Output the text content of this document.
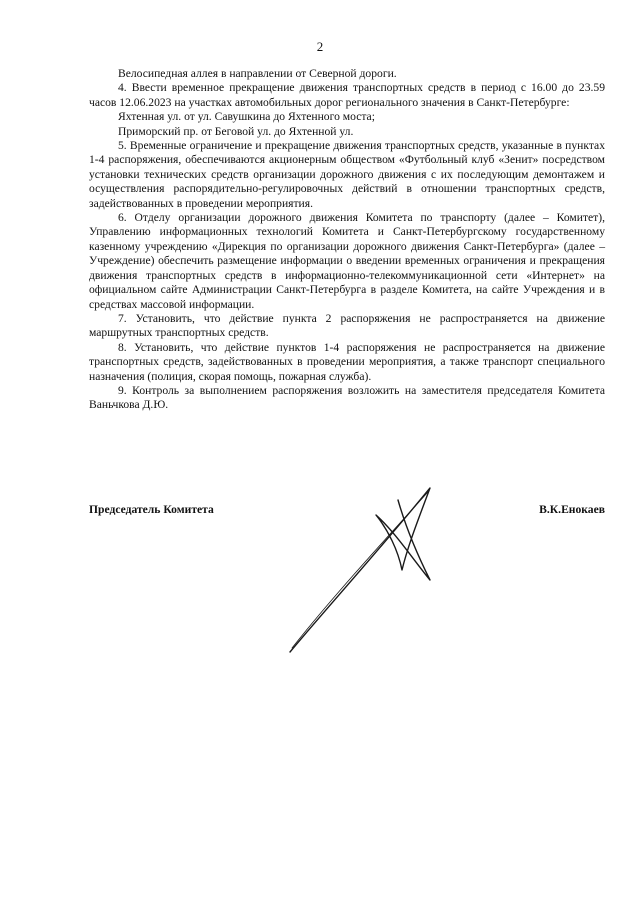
2

Велосипедная аллея в направлении от Северной дороги.

4. Ввести временное прекращение движения транспортных средств в период с 16.00 до 23.59 часов 12.06.2023 на участках автомобильных дорог регионального значения в Санкт-Петербурге:

Яхтенная ул. от ул. Савушкина до Яхтенного моста;

Приморский пр. от Беговой ул. до Яхтенной ул.

5. Временные ограничение и прекращение движения транспортных средств, указанные в пунктах 1-4 распоряжения, обеспечиваются акционерным обществом «Футбольный клуб «Зенит» посредством установки технических средств организации дорожного движения с их последующим демонтажем и осуществления распорядительно-регулировочных действий в отношении транспортных средств, задействованных в проведении мероприятия.

6. Отделу организации дорожного движения Комитета по транспорту (далее – Комитет), Управлению информационных технологий Комитета и Санкт-Петербургскому государственному казенному учреждению «Дирекция по организации дорожного движения Санкт-Петербурга» (далее – Учреждение) обеспечить размещение информации о введении временных ограничения и прекращения движения транспортных средств в информационно-телекоммуникационной сети «Интернет» на официальном сайте Администрации Санкт-Петербурга в разделе Комитета, на сайте Учреждения и в средствах массовой информации.

7. Установить, что действие пункта 2 распоряжения не распространяется на движение маршрутных транспортных средств.

8. Установить, что действие пунктов 1-4 распоряжения не распространяется на движение транспортных средств, задействованных в проведении мероприятия, а также транспорт специального назначения (полиция, скорая помощь, пожарная служба).

9. Контроль за выполнением распоряжения возложить на заместителя председателя Комитета Ваньчкова Д.Ю.

Председатель Комитета	В.К.Енокаев
